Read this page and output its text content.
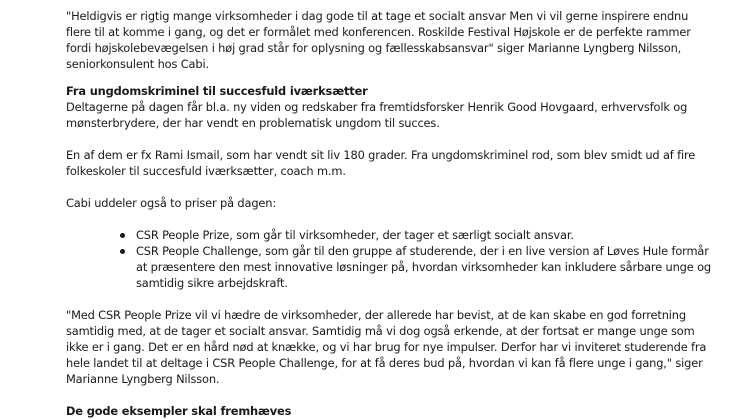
"Heldigvis er rigtig mange virksomheder i dag gode til at tage et socialt ansvar Men vi vil gerne inspirere endnu flere til at komme i gang, og det er formålet med konferencen. Roskilde Festival Højskole er de perfekte rammer fordi højskolebevægelsen i høj grad står for oplysning og fællesskabsansvar" siger Marianne Lyngberg Nilsson, seniorkonsulent hos Cabi.

Fra ungdomskriminel til succesfuld iværksætter

Deltagerne på dagen får bl.a. ny viden og redskaber fra fremtidsforsker Henrik Good Hovgaard, erhvervsfolk og mønsterbrydere, der har vendt en problematisk ungdom til succes.

En af dem er fx Rami Ismail, som har vendt sit liv 180 grader. Fra ungdomskriminel rod, som blev smidt ud af fire folkeskoler til succesfuld iværksætter, coach m.m.

Cabi uddeler også to priser på dagen:

CSR People Prize, som går til virksomheder, der tager et særligt socialt ansvar.
CSR People Challenge, som går til den gruppe af studerende, der i en live version af Løves Hule formår at præsentere den mest innovative løsninger på, hvordan virksomheder kan inkludere sårbare unge og samtidig sikre arbejdskraft.

"Med CSR People Prize vil vi hædre de virksomheder, der allerede har bevist, at de kan skabe en god forretning samtidig med, at de tager et socialt ansvar. Samtidig må vi dog også erkende, at der fortsat er mange unge som ikke er i gang. Det er en hård nød at knække, og vi har brug for nye impulser. Derfor har vi inviteret studerende fra hele landet til at deltage i CSR People Challenge, for at få deres bud på, hvordan vi kan få flere unge i gang," siger Marianne Lyngberg Nilsson.

De gode eksempler skal fremhæves
